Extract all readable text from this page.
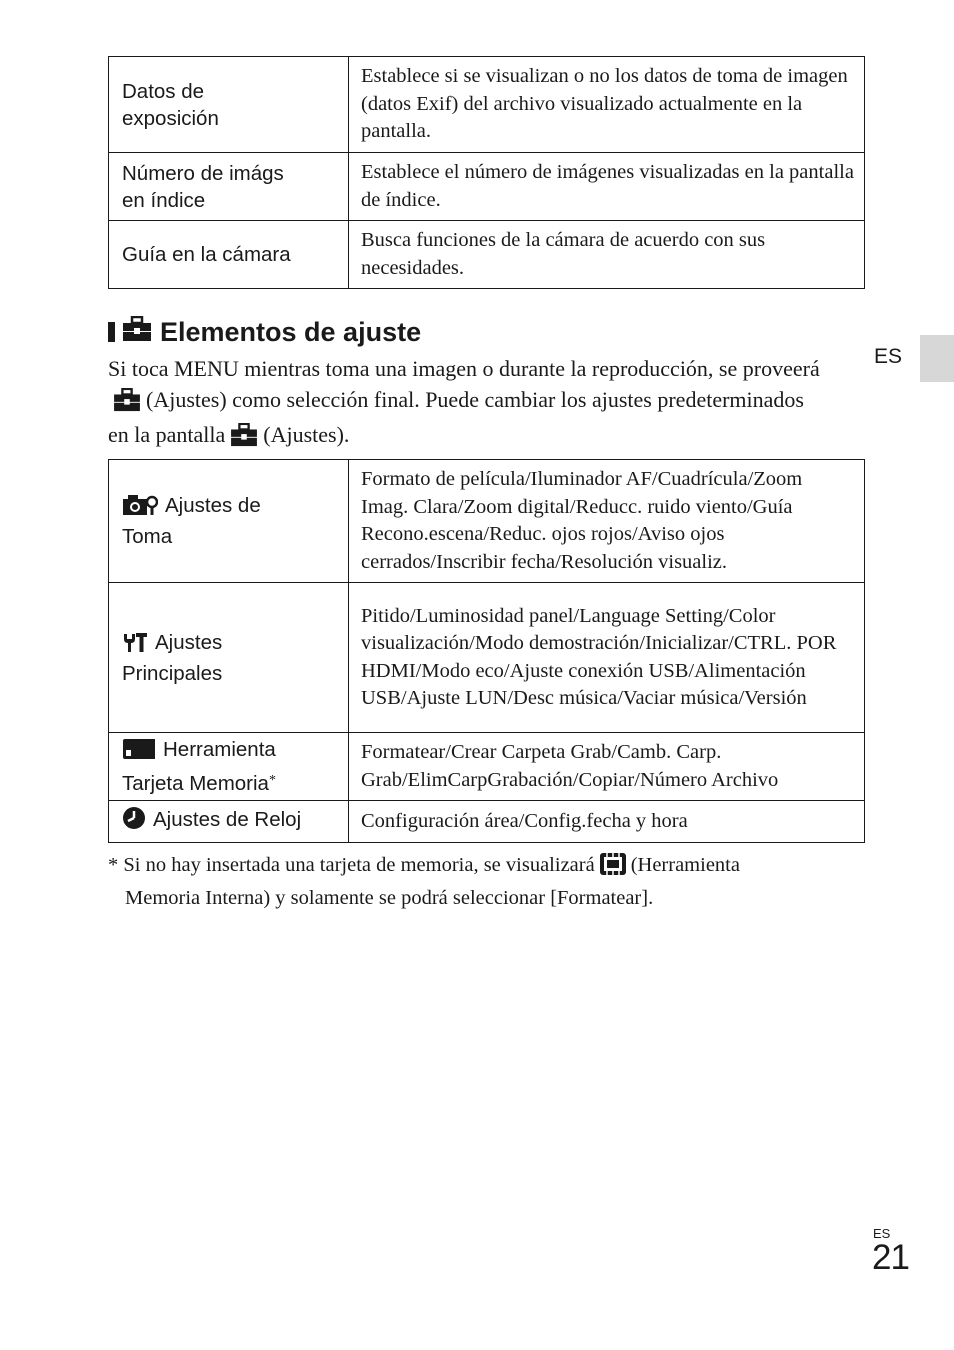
Datos de
exposición	Establece si se visualizan o no los datos de toma de imagen (datos Exif) del archivo visualizado actualmente en la pantalla.
Número de imágs
en índice	Establece el número de imágenes visualizadas en la pantalla de índice.
Guía en la cámara	Busca funciones de la cámara de acuerdo con sus necesidades.
Elementos de ajuste
Si toca MENU mientras toma una imagen o durante la reproducción, se proveerá(Ajustes) como selección final. Puede cambiar los ajustes predeterminados en la pantalla (Ajustes).
Ajustes de
Toma	Formato de película/Iluminador AF/Cuadrícula/Zoom Imag. Clara/Zoom digital/Reducc. ruido viento/Guía Recono.escena/Reduc. ojos rojos/Aviso ojos cerrados/Inscribir fecha/Resolución visualiz.
Ajustes
Principales	Pitido/Luminosidad panel/Language Setting/Color visualización/Modo demostración/Inicializar/CTRL. POR HDMI/Modo eco/Ajuste conexión USB/Alimentación USB/Ajuste LUN/Desc música/Vaciar música/Versión
Herramienta
Tarjeta Memoria*	Formatear/Crear Carpeta Grab/Camb. Carp. Grab/ElimCarpGrabación/Copiar/Número Archivo
Ajustes de Reloj	Configuración área/Config.fecha y hora
* Si no hay insertada una tarjeta de memoria, se visualizará (Herramienta
Memoria Interna) y solamente se podrá seleccionar [Formatear].
ES
ES
21
